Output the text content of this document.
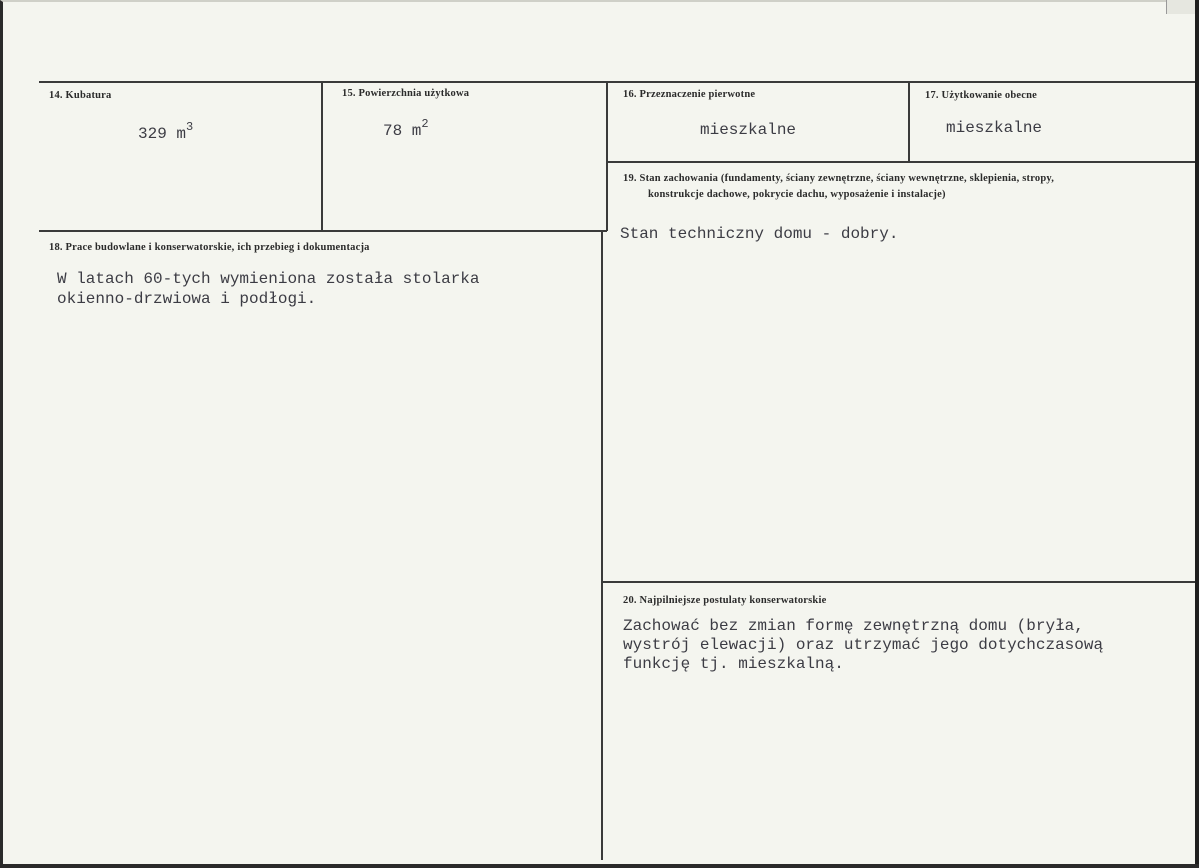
14. Kubatura
329 $m^3$
15. Powierzchnia użytkowa
78 $m^2$
16. Przeznaczenie pierwotne
mieszkalne
17. Użytkowanie obecne
mieszkalne
19. Stan zachowania (fundamenty, ściany zewnętrzne, ściany wewnętrzne, sklepienia, stropy,
konstrukcje dachowe, pokrycie dachu, wyposażenie i instalacje)
Stan techniczny domu - dobry.
18. Prace budowlane i konserwatorskie, ich przebieg i dokumentacja
W latach 60-tych wymieniona została stolarka
okienno-drzwiowa i podłogi.
20. Najpilniejsze postulaty konserwatorskie
Zachować bez zmian formę zewnętrzną domu (bryła,
wystrój elewacji) oraz utrzymać jego dotychczasową
funkcję tj. mieszkalną.
